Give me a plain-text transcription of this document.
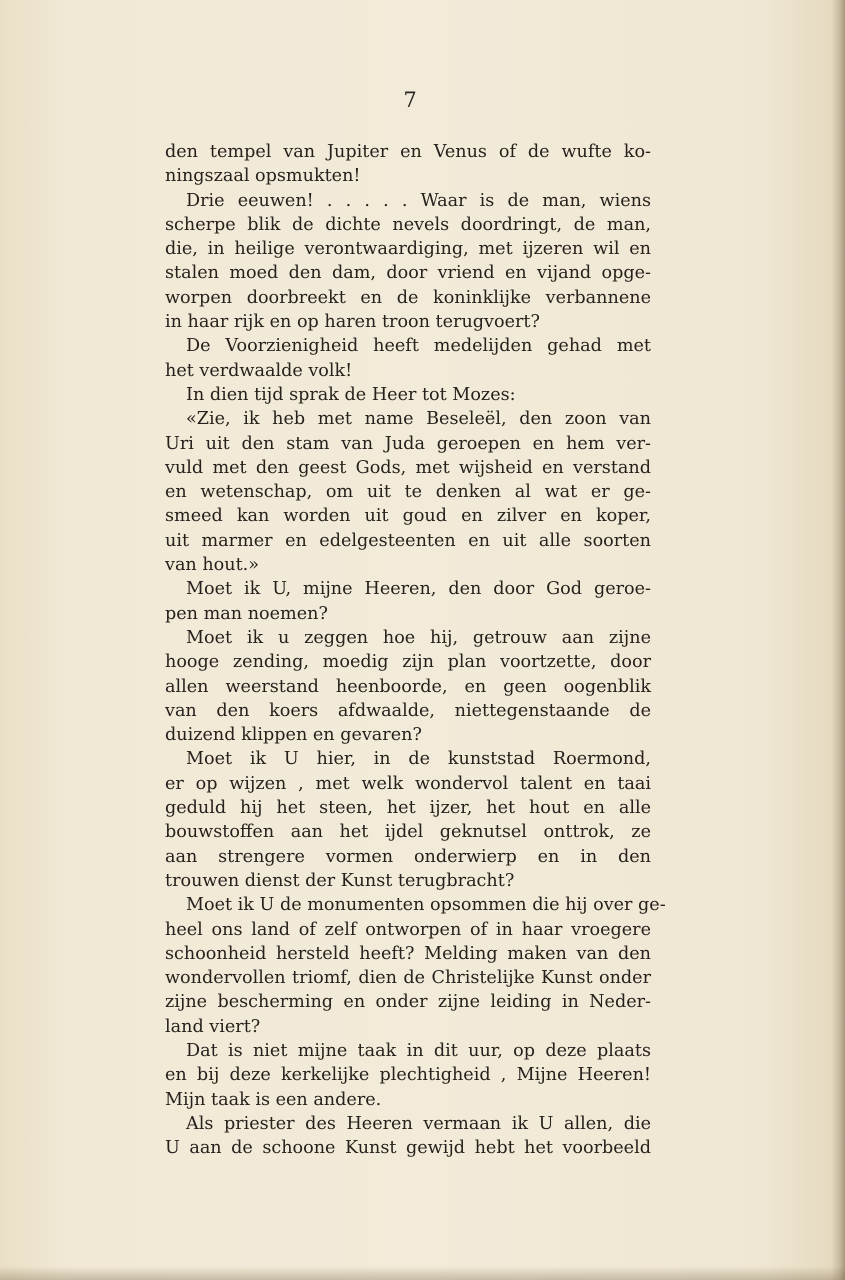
7
den tempel van Jupiter en Venus of de wufte ko-
ningszaal opsmukten!
Drie eeuwen! . . . . . Waar is de man, wiens
scherpe blik de dichte nevels doordringt, de man,
die, in heilige verontwaardiging, met ijzeren wil en
stalen moed den dam, door vriend en vijand opge-
worpen doorbreekt en de koninklijke verbannene
in haar rijk en op haren troon terugvoert?
De Voorzienigheid heeft medelijden gehad met
het verdwaalde volk!
In dien tijd sprak de Heer tot Mozes:
«Zie, ik heb met name Beseleël, den zoon van
Uri uit den stam van Juda geroepen en hem ver-
vuld met den geest Gods, met wijsheid en verstand
en wetenschap, om uit te denken al wat er ge-
smeed kan worden uit goud en zilver en koper,
uit marmer en edelgesteenten en uit alle soorten
van hout.»
Moet ik U, mijne Heeren, den door God geroe-
pen man noemen?
Moet ik u zeggen hoe hij, getrouw aan zijne
hooge zending, moedig zijn plan voortzette, door
allen weerstand heenboorde, en geen oogenblik
van den koers afdwaalde, niettegenstaande de
duizend klippen en gevaren?
Moet ik U hier, in de kunststad Roermond,
er op wijzen , met welk wondervol talent en taai
geduld hij het steen, het ijzer, het hout en alle
bouwstoffen aan het ijdel geknutsel onttrok, ze
aan strengere vormen onderwierp en in den
trouwen dienst der Kunst terugbracht?
Moet ik U de monumenten opsommen die hij over ge-
heel ons land of zelf ontworpen of in haar vroegere
schoonheid hersteld heeft? Melding maken van den
wondervollen triomf, dien de Christelijke Kunst onder
zijne bescherming en onder zijne leiding in Neder-
land viert?
Dat is niet mijne taak in dit uur, op deze plaats
en bij deze kerkelijke plechtigheid , Mijne Heeren!
Mijn taak is een andere.
Als priester des Heeren vermaan ik U allen, die
U aan de schoone Kunst gewijd hebt het voorbeeld
